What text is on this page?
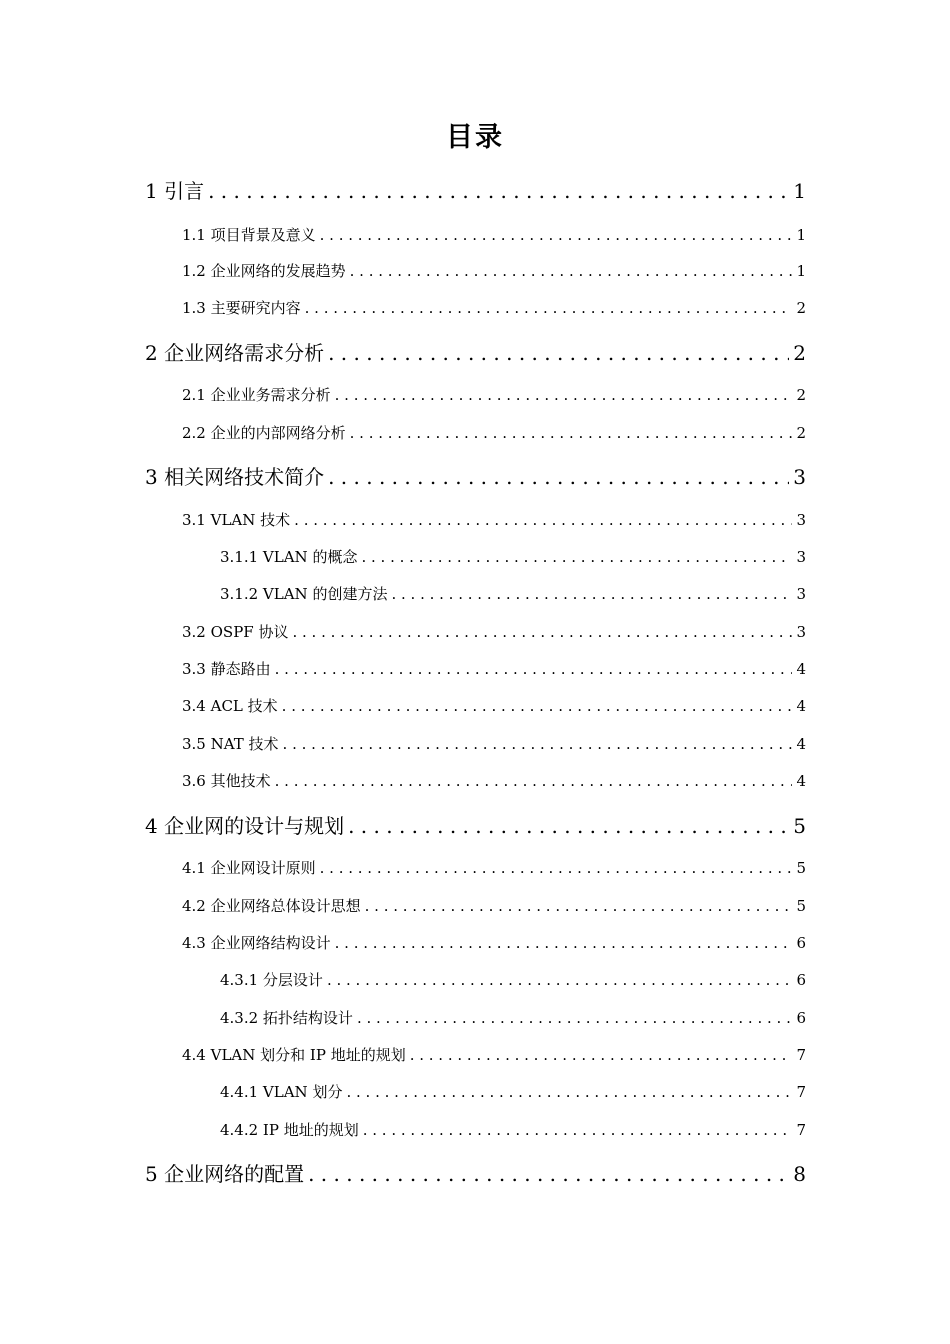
目录
1 引言 . . .	1
1.1 项目背景及意义 . . .	1
1.2 企业网络的发展趋势 . . .	1
1.3 主要研究内容 . . .	2
2 企业网络需求分析 . . .	2
2.1 企业业务需求分析 . . .	2
2.2 企业的内部网络分析 . . .	2
3 相关网络技术简介 . . .	3
3.1 VLAN 技术 . . .	3
3.1.1 VLAN 的概念 . . .	3
3.1.2 VLAN 的创建方法 . . .	3
3.2 OSPF 协议 . . .	3
3.3 静态路由 . . .	4
3.4 ACL 技术 . . .	4
3.5 NAT 技术 . . .	4
3.6 其他技术 . . .	4
4 企业网的设计与规划 . . .	5
4.1 企业网设计原则 . . .	5
4.2 企业网络总体设计思想 . . .	5
4.3 企业网络结构设计 . . .	6
4.3.1 分层设计 . . .	6
4.3.2 拓扑结构设计 . . .	6
4.4 VLAN 划分和 IP 地址的规划 . . .	7
4.4.1 VLAN 划分 . . .	7
4.4.2 IP 地址的规划 . . .	7
5 企业网络的配置 . . .	8
